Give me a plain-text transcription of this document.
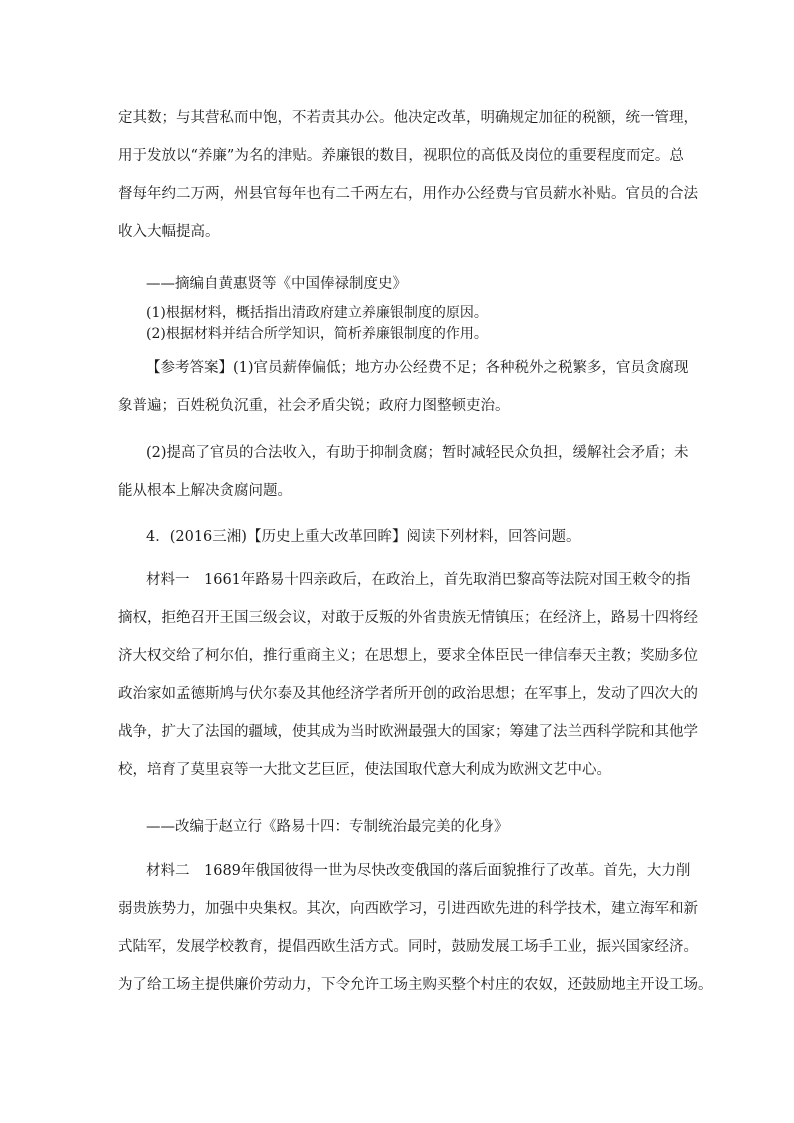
定其数；与其营私而中饱，不若责其办公。他决定改革，明确规定加征的税额，统一管理，
用于发放以“养廉”为名的津贴。养廉银的数目，视职位的高低及岗位的重要程度而定。总
督每年约二万两，州县官每年也有二千两左右，用作办公经费与官员薪水补贴。官员的合法
收入大幅提高。
——摘编自黄惠贤等《中国俸禄制度史》
(1)根据材料，概括指出清政府建立养廉银制度的原因。
(2)根据材料并结合所学知识，简析养廉银制度的作用。
【参考答案】(1)官员薪俸偏低；地方办公经费不足；各种税外之税繁多，官员贪腐现
象普遍；百姓税负沉重，社会矛盾尖锐；政府力图整顿吏治。
(2)提高了官员的合法收入，有助于抑制贪腐；暂时减轻民众负担，缓解社会矛盾；未
能从根本上解决贪腐问题。
4．(2016三湘)【历史上重大改革回眸】阅读下列材料，回答问题。
材料一　1661年路易十四亲政后，在政治上，首先取消巴黎高等法院对国王敕令的指
摘权，拒绝召开王国三级会议，对敢于反叛的外省贵族无情镇压；在经济上，路易十四将经
济大权交给了柯尔伯，推行重商主义；在思想上，要求全体臣民一律信奉天主教；奖励多位
政治家如孟德斯鸠与伏尔泰及其他经济学者所开创的政治思想；在军事上，发动了四次大的
战争，扩大了法国的疆域，使其成为当时欧洲最强大的国家；筹建了法兰西科学院和其他学
校，培育了莫里哀等一大批文艺巨匠，使法国取代意大利成为欧洲文艺中心。
——改编于赵立行《路易十四：专制统治最完美的化身》
材料二　1689年俄国彼得一世为尽快改变俄国的落后面貌推行了改革。首先，大力削
弱贵族势力，加强中央集权。其次，向西欧学习，引进西欧先进的科学技术，建立海军和新
式陆军，发展学校教育，提倡西欧生活方式。同时，鼓励发展工场手工业，振兴国家经济。
为了给工场主提供廉价劳动力，下令允许工场主购买整个村庄的农奴，还鼓励地主开设工场。
